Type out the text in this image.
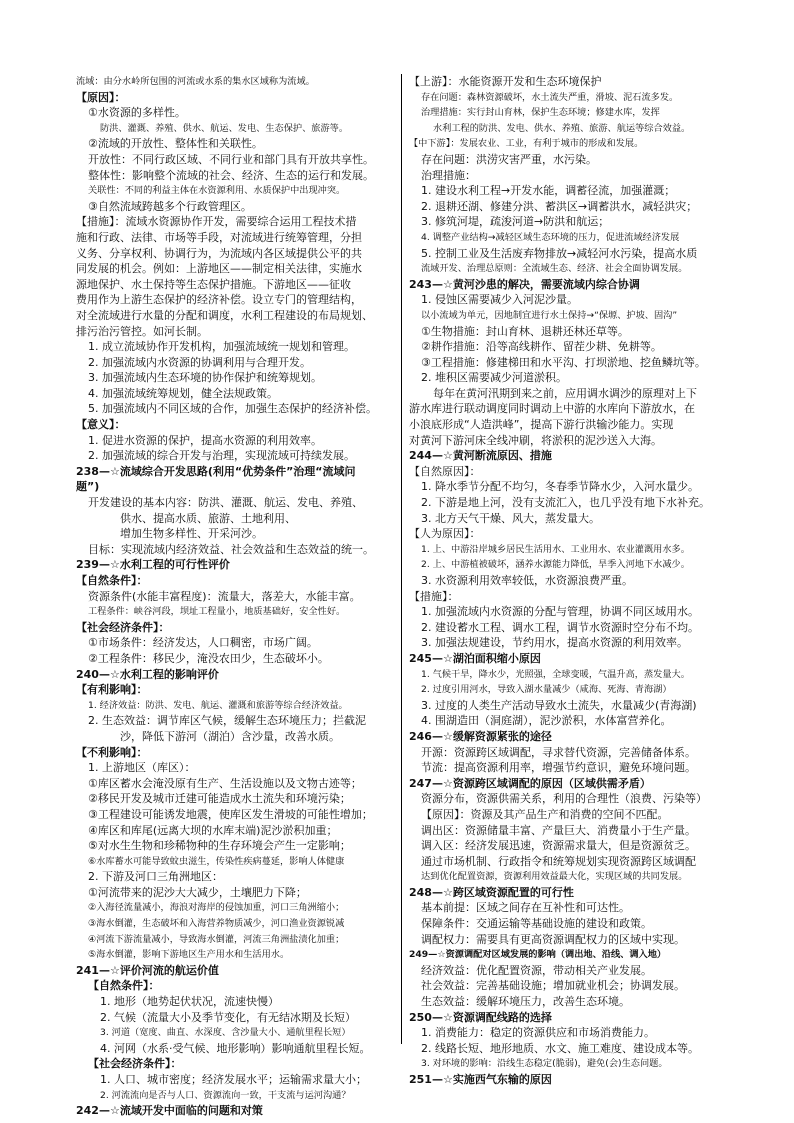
流域：由分水岭所包围的河流或水系的集水区域称为流域。
【原因】：
①水资源的多样性。
防洪、灌溉、养殖、供水、航运、发电、生态保护、旅游等。
②流域的开放性、整体性和关联性。
开放性：不同行政区域、不同行业和部门具有开放共享性。
整体性：影响整个流域的社会、经济、生态的运行和发展。
关联性：不同的利益主体在水资源利用、水质保护中出现冲突。
③自然流域跨越多个行政管理区。
【措施】：流域水资源协作开发，需要综合运用工程技术措
施和行政、法律、市场等手段，对流域进行统筹管理，分担
义务、分享权利、协调行为，为流域内各区域提供公平的共
同发展的机会。例如：上游地区——制定相关法律，实施水
源地保护、水土保持等生态保护措施。下游地区——征收
费用作为上游生态保护的经济补偿。设立专门的管理结构，
对全流域进行水量的分配和调度，水利工程建设的布局规划、
排污治污管控。如河长制。
1. 成立流域协作开发机构，加强流域统一规划和管理。
2. 加强流域内水资源的协调利用与合理开发。
3. 加强流域内生态环境的协作保护和统筹规划。
4. 加强流域统筹规划，健全法规政策。
5. 加强流域内不同区域的合作，加强生态保护的经济补偿。
【意义】：
1. 促进水资源的保护，提高水资源的利用效率。
2. 加强流域的综合开发与治理，实现流域可持续发展。
238—☆流域综合开发思路(利用“优势条件”治理“流域问
题”)
开发建设的基本内容：防洪、灌溉、航运、发电、养殖、
供水、提高水质、旅游、土地利用、
增加生物多样性、开采河沙。
目标：实现流域内经济效益、社会效益和生态效益的统一。
239—☆水利工程的可行性评价
【自然条件】：
资源条件(水能丰富程度)：流量大，落差大，水能丰富。
工程条件：峡谷河段，坝址工程量小，地质基础好，安全性好。
【社会经济条件】：
①市场条件：经济发达，人口稠密，市场广阔。
②工程条件：移民少，淹没农田少，生态破坏小。
240—☆水利工程的影响评价
【有利影响】：
1. 经济效益：防洪、发电、航运、灌溉和旅游等综合经济效益。
2. 生态效益：调节库区气候，缓解生态环境压力；拦截泥
沙，降低下游河（湖泊）含沙量，改善水质。
【不利影响】：
1. 上游地区（库区）：
①库区蓄水会淹没原有生产、生活设施以及文物古迹等；
②移民开发及城市迁建可能造成水土流失和环境污染；
③工程建设可能诱发地震，使库区发生滑坡的可能性增加；
④库区和库尾(远离大坝的水库末端)泥沙淤积加重；
⑤对水生生物和珍稀物种的生存环境会产生一定影响；
⑥水库蓄水可能导致蚊虫滋生，传染性疾病蔓延，影响人体健康
2. 下游及河口三角洲地区：
①河流带来的泥沙大大减少，土壤肥力下降；
②入海径流量减小，海浪对海岸的侵蚀加重，河口三角洲缩小；
③海水倒灌，生态破坏和入海营养物质减少，河口渔业资源锐减
④河流下游流量减小，导致海水倒灌，河流三角洲盐渍化加重；
⑤海水倒灌，影响下游地区生产用水和生活用水。
241—☆评价河流的航运价值
【自然条件】：
1. 地形（地势起伏状况，流速快慢）
2. 气候（流量大小及季节变化，有无结冰期及长短）
3. 河道（宽度、曲直、水深度、含沙量大小、通航里程长短）
4. 河网（水系·受气候、地形影响）影响通航里程长短。
【社会经济条件】：
1. 人口、城市密度；经济发展水平；运输需求量大小；
2. 河流流向是否与人口、资源流向一致，干支流与运河沟通？
242—☆流域开发中面临的问题和对策
【上游】：水能资源开发和生态环境保护
存在问题：森林资源破坏，水土流失严重，滑坡、泥石流多发。
治理措施：实行封山育林，保护生态环境；修建水库，发挥
水利工程的防洪、发电、供水、养殖、旅游、航运等综合效益。
【中下游】：发展农业、工业，有利于城市的形成和发展。
存在问题：洪涝灾害严重，水污染。
治理措施：
1. 建设水利工程→开发水能，调蓄径流，加强灌溉；
2. 退耕还湖、修建分洪、蓄洪区→调蓄洪水，减轻洪灾；
3. 修筑河堤，疏浚河道→防洪和航运；
4. 调整产业结构→减轻区域生态环境的压力，促进流域经济发展
5. 控制工业及生活废弃物排放→减轻河水污染，提高水质
流域开发、治理总原则：全流域生态、经济、社会全面协调发展。
243—☆黄河沙患的解决，需要流域内综合协调
1. 侵蚀区需要减少入河泥沙量。
以小流域为单元，因地制宜进行水土保持→“保塬、护坡、固沟”
①生物措施：封山育林、退耕还林还草等。
②耕作措施：沿等高线耕作、留茬少耕、免耕等。
③工程措施：修建梯田和水平沟、打坝淤地、挖鱼鳞坑等。
2. 堆积区需要减少河道淤积。
每年在黄河汛期到来之前，应用调水调沙的原理对上下
游水库进行联动调度同时调动上中游的水库向下游放水，在
小浪底形成“人造洪峰”，提高下游行洪输沙能力。实现
对黄河下游河床全线冲刷，将淤积的泥沙送入大海。
244—☆黄河断流原因、措施
【自然原因】：
1. 降水季节分配不均匀，冬春季节降水少，入河水量少。
2. 下游是地上河，没有支流汇入，也几乎没有地下水补充。
3. 北方天气干燥、风大，蒸发量大。
【人为原因】：
1. 上、中游沿岸城乡居民生活用水、工业用水、农业灌溉用水多。
2. 上、中游植被破坏，涵养水源能力降低，旱季入河地下水减少。
3. 水资源利用效率较低，水资源浪费严重。
【措施】：
1. 加强流域内水资源的分配与管理，协调不同区域用水。
2. 建设蓄水工程、调水工程，调节水资源时空分布不均。
3. 加强法规建设，节约用水，提高水资源的利用效率。
245—☆湖泊面积缩小原因
1. 气候干旱，降水少，光照强，全球变暖，气温升高，蒸发量大。
2. 过度引用河水，导致入湖水量减少（咸海、死海、青海湖）
3. 过度的人类生产活动导致水土流失，水量减少(青海湖)
4. 围湖造田（洞庭湖），泥沙淤积，水体富营养化。
246—☆缓解资源紧张的途径
开源：资源跨区域调配，寻求替代资源，完善储备体系。
节流：提高资源利用率，增强节约意识，避免环境问题。
247—☆资源跨区域调配的原因（区域供需矛盾）
资源分布，资源供需关系，利用的合理性（浪费、污染等）
【原因】：资源及其产品生产和消费的空间不匹配。
调出区：资源储量丰富、产量巨大、消费量小于生产量。
调入区：经济发展迅速，资源需求量大，但是资源贫乏。
通过市场机制、行政指令和统筹规划实现资源跨区域调配
达到优化配置资源，资源利用效益最大化，实现区域的共同发展。
248—☆跨区域资源配置的可行性
基本前提：区域之间存在互补性和可达性。
保障条件：交通运输等基础设施的建设和政策。
调配权力：需要具有更高资源调配权力的区域中实现。
249—☆资源调配对区域发展的影响（调出地、沿线、调入地）
经济效益：优化配置资源，带动相关产业发展。
社会效益：完善基础设施；增加就业机会；协调发展。
生态效益：缓解环境压力，改善生态环境。
250—☆资源调配线路的选择
1. 消费能力：稳定的资源供应和市场消费能力。
2. 线路长短、地形地质、水文、施工难度、建设成本等。
3. 对环境的影响：沿线生态稳定(脆弱)，避免(会)生态问题。
251—☆实施西气东输的原因
